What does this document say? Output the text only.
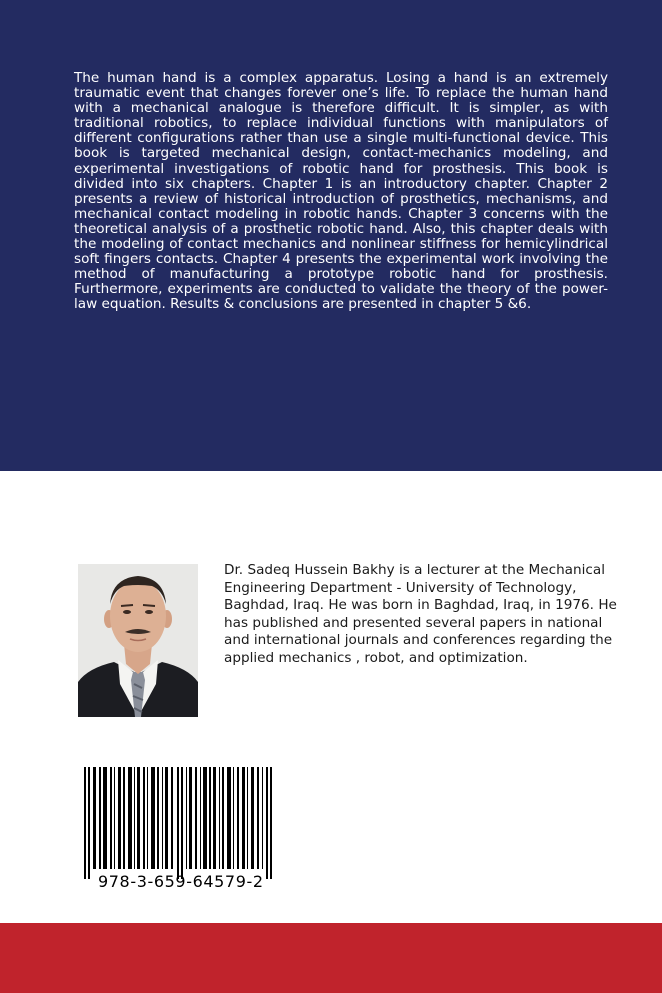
The human hand is a complex apparatus. Losing a hand is an extremely traumatic event that changes forever one’s life. To replace the human hand with a mechanical analogue is therefore difficult. It is simpler, as with traditional robotics, to replace individual functions with manipulators of different configurations rather than use a single multi-functional device. This book is targeted mechanical design, contact-mechanics modeling, and experimental investigations of robotic hand for prosthesis. This book is divided into six chapters. Chapter 1 is an introductory chapter. Chapter 2 presents a review of historical introduction of prosthetics, mechanisms, and mechanical contact modeling in robotic hands. Chapter 3 concerns with the theoretical analysis of a prosthetic robotic hand. Also, this chapter deals with the modeling of contact mechanics and nonlinear stiffness for hemicylindrical soft fingers contacts. Chapter 4 presents the experimental work involving the method of manufacturing a prototype robotic hand for prosthesis. Furthermore, experiments are conducted to validate the theory of the power-law equation. Results & conclusions are presented in chapter 5 &6.

Dr. Sadeq Hussein Bakhy is a lecturer at the Mechanical Engineering Department - University of Technology, Baghdad, Iraq. He was born in Baghdad, Iraq, in 1976. He has published and presented several papers in national and international journals and conferences regarding the applied mechanics , robot, and optimization.

978-3-659-64579-2
